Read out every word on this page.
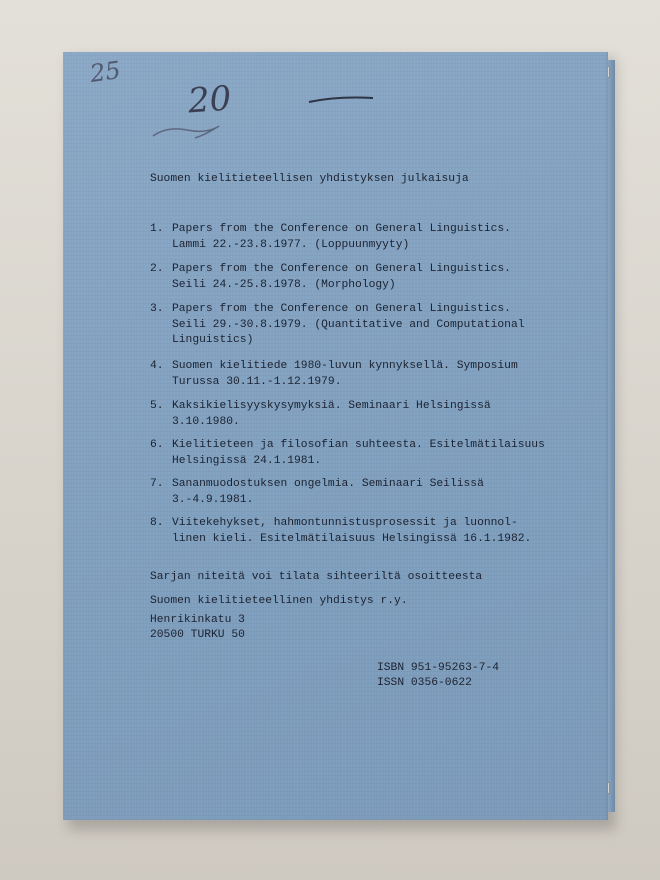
25
20
Suomen kielitieteellisen yhdistyksen julkaisuja
1. Papers from the Conference on General Linguistics.
Lammi 22.-23.8.1977. (Loppuunmyyty)
2. Papers from the Conference on General Linguistics.
Seili 24.-25.8.1978. (Morphology)
3. Papers from the Conference on General Linguistics.
Seili 29.-30.8.1979. (Quantitative and Computational
Linguistics)
4. Suomen kielitiede 1980-luvun kynnyksellä. Symposium
Turussa 30.11.-1.12.1979.
5. Kaksikielisyyskysymyksiä. Seminaari Helsingissä
3.10.1980.
6. Kielitieteen ja filosofian suhteesta. Esitelmätilaisuus
Helsingissä 24.1.1981.
7. Sananmuodostuksen ongelmia. Seminaari Seilissä
3.-4.9.1981.
8. Viitekehykset, hahmontunnistusprosessit ja luonnol-
linen kieli. Esitelmätilaisuus Helsingissä 16.1.1982.
Sarjan niteitä voi tilata sihteeriltä osoitteesta
Suomen kielitieteellinen yhdistys r.y.
Henrikinkatu 3
20500 TURKU 50
ISBN 951-95263-7-4
ISSN 0356-0622
